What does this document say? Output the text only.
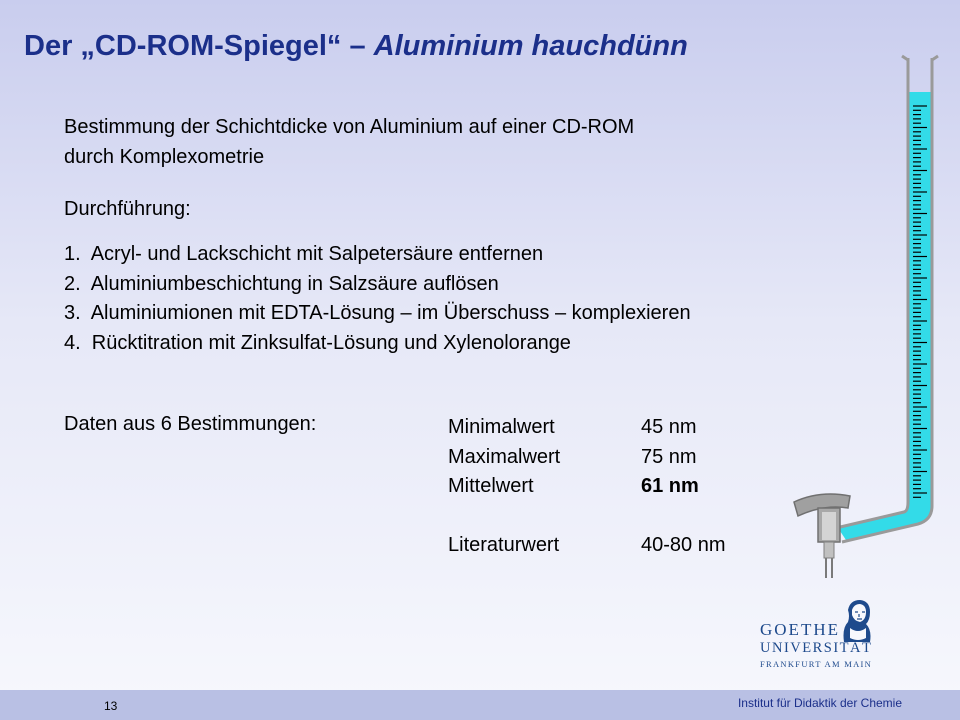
Der „CD-ROM-Spiegel“ – Aluminium hauchdünn
Bestimmung der Schichtdicke von Aluminium auf einer CD-ROM
durch Komplexometrie
Durchführung:
1.  Acryl- und Lackschicht mit Salpetersäure entfernen
2.  Aluminiumbeschichtung in Salzsäure auflösen
3.  Aluminiumionen mit EDTA-Lösung – im Überschuss – komplexieren
4.  Rücktitration mit Zinksulfat-Lösung und Xylenolorange
Daten aus 6 Bestimmungen:	Minimalwert	45 nm
Maximalwert	75 nm
Mittelwert	61 nm
Literaturwert	40-80 nm
GOETHE
UNIVERSITÄT
FRANKFURT AM MAIN
13	Institut für Didaktik der Chemie
